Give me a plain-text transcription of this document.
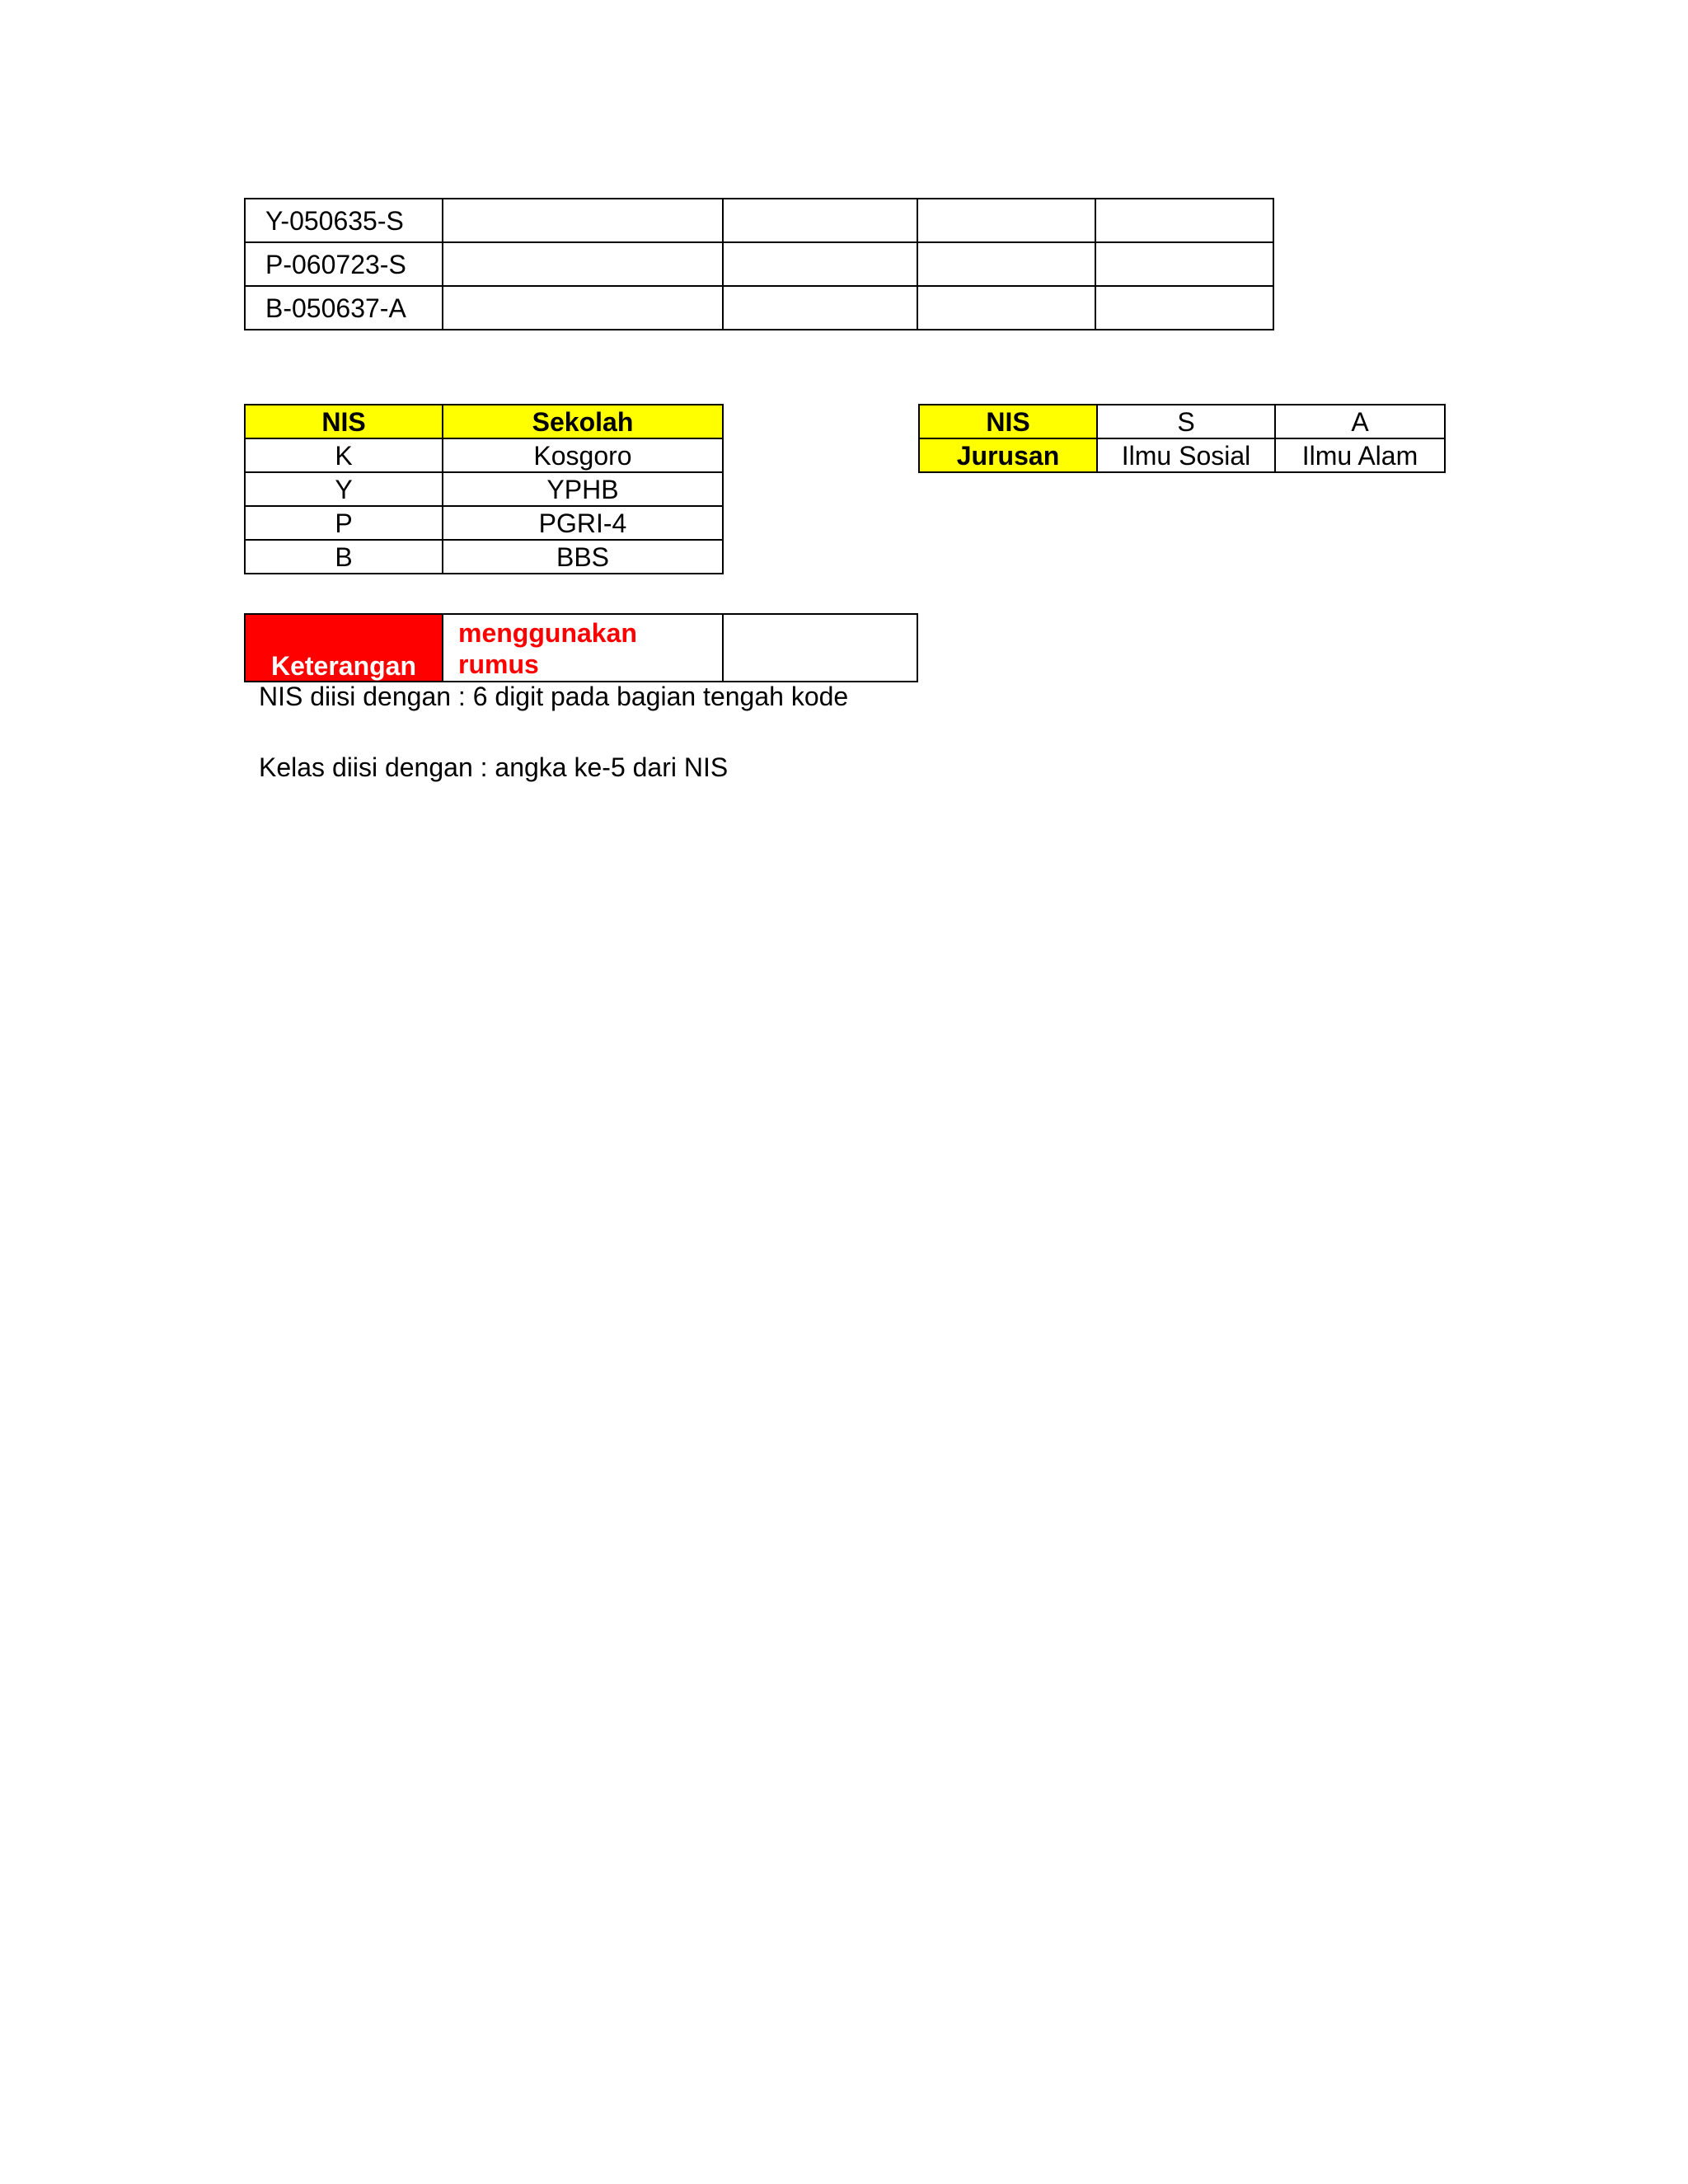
Y-050635-S				
P-060723-S				
B-050637-A				
NIS	Sekolah
K	Kosgoro
Y	YPHB
P	PGRI-4
B	BBS
NIS	S	A
Jurusan	Ilmu Sosial	Ilmu Alam
Keterangan	menggunakan rumus	
NIS diisi dengan : 6 digit pada bagian tengah kode
Kelas diisi dengan : angka ke-5 dari NIS
